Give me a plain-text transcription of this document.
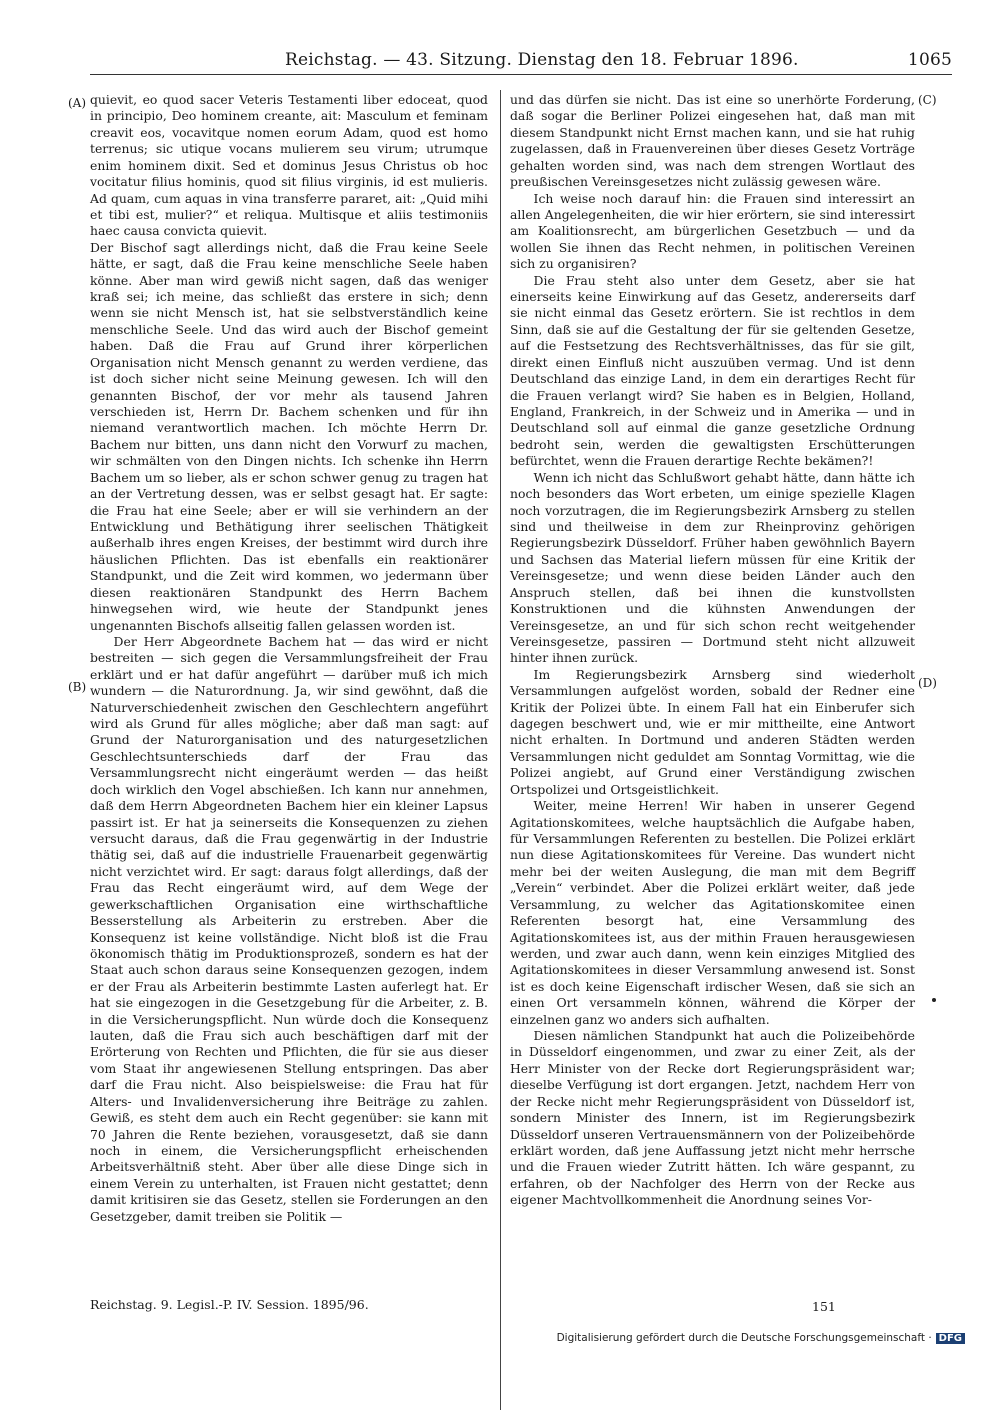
Reichstag. — 43. Sitzung. Dienstag den 18. Februar 1896.	1065
(A)
(B)
(C)
(D)

quievit, eo quod sacer Veteris Testamenti liber edoceat, quod in principio, Deo hominem creante, ait: Masculum et feminam creavit eos, vocavitque nomen eorum Adam, quod est homo terrenus; sic utique vocans mulierem seu virum; utrumque enim hominem dixit. Sed et dominus Jesus Christus ob hoc vocitatur filius hominis, quod sit filius virginis, id est mulieris. Ad quam, cum aquas in vina transferre pararet, ait: „Quid mihi et tibi est, mulier?“ et reliqua. Multisque et aliis testimoniis haec causa convicta quievit.

Der Bischof sagt allerdings nicht, daß die Frau keine Seele hätte, er sagt, daß die Frau keine menschliche Seele haben könne. Aber man wird gewiß nicht sagen, daß das weniger kraß sei; ich meine, das schließt das erstere in sich; denn wenn sie nicht Mensch ist, hat sie selbstverständlich keine menschliche Seele. Und das wird auch der Bischof gemeint haben. Daß die Frau auf Grund ihrer körperlichen Organisation nicht Mensch genannt zu werden verdiene, das ist doch sicher nicht seine Meinung gewesen. Ich will den genannten Bischof, der vor mehr als tausend Jahren verschieden ist, Herrn Dr. Bachem schenken und für ihn niemand verantwortlich machen. Ich möchte Herrn Dr. Bachem nur bitten, uns dann nicht den Vorwurf zu machen, wir schmälten von den Dingen nichts. Ich schenke ihn Herrn Bachem um so lieber, als er schon schwer genug zu tragen hat an der Vertretung dessen, was er selbst gesagt hat. Er sagte: die Frau hat eine Seele; aber er will sie verhindern an der Entwicklung und Bethätigung ihrer seelischen Thätigkeit außerhalb ihres engen Kreises, der bestimmt wird durch ihre häuslichen Pflichten. Das ist ebenfalls ein reaktionärer Standpunkt, und die Zeit wird kommen, wo jedermann über diesen reaktionären Standpunkt des Herrn Bachem hinwegsehen wird, wie heute der Standpunkt jenes ungenannten Bischofs allseitig fallen gelassen worden ist.

Der Herr Abgeordnete Bachem hat — das wird er nicht bestreiten — sich gegen die Versammlungsfreiheit der Frau erklärt und er hat dafür angeführt — darüber muß ich mich wundern — die Naturordnung. Ja, wir sind gewöhnt, daß die Naturverschiedenheit zwischen den Geschlechtern angeführt wird als Grund für alles mögliche; aber daß man sagt: auf Grund der Naturorganisation und des naturgesetzlichen Geschlechtsunterschieds darf der Frau das Versammlungsrecht nicht eingeräumt werden — das heißt doch wirklich den Vogel abschießen. Ich kann nur annehmen, daß dem Herrn Abgeordneten Bachem hier ein kleiner Lapsus passirt ist. Er hat ja seinerseits die Konsequenzen zu ziehen versucht daraus, daß die Frau gegenwärtig in der Industrie thätig sei, daß auf die industrielle Frauenarbeit gegenwärtig nicht verzichtet wird. Er sagt: daraus folgt allerdings, daß der Frau das Recht eingeräumt wird, auf dem Wege der gewerkschaftlichen Organisation eine wirthschaftliche Besserstellung als Arbeiterin zu erstreben. Aber die Konsequenz ist keine vollständige. Nicht bloß ist die Frau ökonomisch thätig im Produktionsprozeß, sondern es hat der Staat auch schon daraus seine Konsequenzen gezogen, indem er der Frau als Arbeiterin bestimmte Lasten auferlegt hat. Er hat sie eingezogen in die Gesetzgebung für die Arbeiter, z. B. in die Versicherungspflicht. Nun würde doch die Konsequenz lauten, daß die Frau sich auch beschäftigen darf mit der Erörterung von Rechten und Pflichten, die für sie aus dieser vom Staat ihr angewiesenen Stellung entspringen. Das aber darf die Frau nicht. Also beispielsweise: die Frau hat für Alters- und Invalidenversicherung ihre Beiträge zu zahlen. Gewiß, es steht dem auch ein Recht gegenüber: sie kann mit 70 Jahren die Rente beziehen, vorausgesetzt, daß sie dann noch in einem, die Versicherungspflicht erheischenden Arbeitsverhältniß steht. Aber über alle diese Dinge sich in einem Verein zu unterhalten, ist Frauen nicht gestattet; denn damit kritisiren sie das Gesetz, stellen sie Forderungen an den Gesetzgeber, damit treiben sie Politik —

und das dürfen sie nicht. Das ist eine so unerhörte Forderung, daß sogar die Berliner Polizei eingesehen hat, daß man mit diesem Standpunkt nicht Ernst machen kann, und sie hat ruhig zugelassen, daß in Frauenvereinen über dieses Gesetz Vorträge gehalten worden sind, was nach dem strengen Wortlaut des preußischen Vereinsgesetzes nicht zulässig gewesen wäre.

Ich weise noch darauf hin: die Frauen sind interessirt an allen Angelegenheiten, die wir hier erörtern, sie sind interessirt am Koalitionsrecht, am bürgerlichen Gesetzbuch — und da wollen Sie ihnen das Recht nehmen, in politischen Vereinen sich zu organisiren?

Die Frau steht also unter dem Gesetz, aber sie hat einerseits keine Einwirkung auf das Gesetz, andererseits darf sie nicht einmal das Gesetz erörtern. Sie ist rechtlos in dem Sinn, daß sie auf die Gestaltung der für sie geltenden Gesetze, auf die Festsetzung des Rechtsverhältnisses, das für sie gilt, direkt einen Einfluß nicht auszuüben vermag. Und ist denn Deutschland das einzige Land, in dem ein derartiges Recht für die Frauen verlangt wird? Sie haben es in Belgien, Holland, England, Frankreich, in der Schweiz und in Amerika — und in Deutschland soll auf einmal die ganze gesetzliche Ordnung bedroht sein, werden die gewaltigsten Erschütterungen befürchtet, wenn die Frauen derartige Rechte bekämen?!

Wenn ich nicht das Schlußwort gehabt hätte, dann hätte ich noch besonders das Wort erbeten, um einige spezielle Klagen noch vorzutragen, die im Regierungsbezirk Arnsberg zu stellen sind und theilweise in dem zur Rheinprovinz gehörigen Regierungsbezirk Düsseldorf. Früher haben gewöhnlich Bayern und Sachsen das Material liefern müssen für eine Kritik der Vereinsgesetze; und wenn diese beiden Länder auch den Anspruch stellen, daß bei ihnen die kunstvollsten Konstruktionen und die kühnsten Anwendungen der Vereinsgesetze, an und für sich schon recht weitgehender Vereinsgesetze, passiren — Dortmund steht nicht allzuweit hinter ihnen zurück.

Im Regierungsbezirk Arnsberg sind wiederholt Versammlungen aufgelöst worden, sobald der Redner eine Kritik der Polizei übte. In einem Fall hat ein Einberufer sich dagegen beschwert und, wie er mir mittheilte, eine Antwort nicht erhalten. In Dortmund und anderen Städten werden Versammlungen nicht geduldet am Sonntag Vormittag, wie die Polizei angiebt, auf Grund einer Verständigung zwischen Ortspolizei und Ortsgeistlichkeit.

Weiter, meine Herren! Wir haben in unserer Gegend Agitationskomitees, welche hauptsächlich die Aufgabe haben, für Versammlungen Referenten zu bestellen. Die Polizei erklärt nun diese Agitationskomitees für Vereine. Das wundert nicht mehr bei der weiten Auslegung, die man mit dem Begriff „Verein“ verbindet. Aber die Polizei erklärt weiter, daß jede Versammlung, zu welcher das Agitationskomitee einen Referenten besorgt hat, eine Versammlung des Agitationskomitees ist, aus der mithin Frauen herausgewiesen werden, und zwar auch dann, wenn kein einziges Mitglied des Agitationskomitees in dieser Versammlung anwesend ist. Sonst ist es doch keine Eigenschaft irdischer Wesen, daß sie sich an einen Ort versammeln können, während die Körper der einzelnen ganz wo anders sich aufhalten.

Diesen nämlichen Standpunkt hat auch die Polizeibehörde in Düsseldorf eingenommen, und zwar zu einer Zeit, als der Herr Minister von der Recke dort Regierungspräsident war; dieselbe Verfügung ist dort ergangen. Jetzt, nachdem Herr von der Recke nicht mehr Regierungspräsident von Düsseldorf ist, sondern Minister des Innern, ist im Regierungsbezirk Düsseldorf unseren Vertrauensmännern von der Polizeibehörde erklärt worden, daß jene Auffassung jetzt nicht mehr herrsche und die Frauen wieder Zutritt hätten. Ich wäre gespannt, zu erfahren, ob der Nachfolger des Herrn von der Recke aus eigener Machtvollkommenheit die Anordnung seines Vor-

Reichstag. 9. Legisl.-P. IV. Session. 1895/96.	151
Digitalisierung gefördert durch die Deutsche Forschungsgemeinschaft · DFG
